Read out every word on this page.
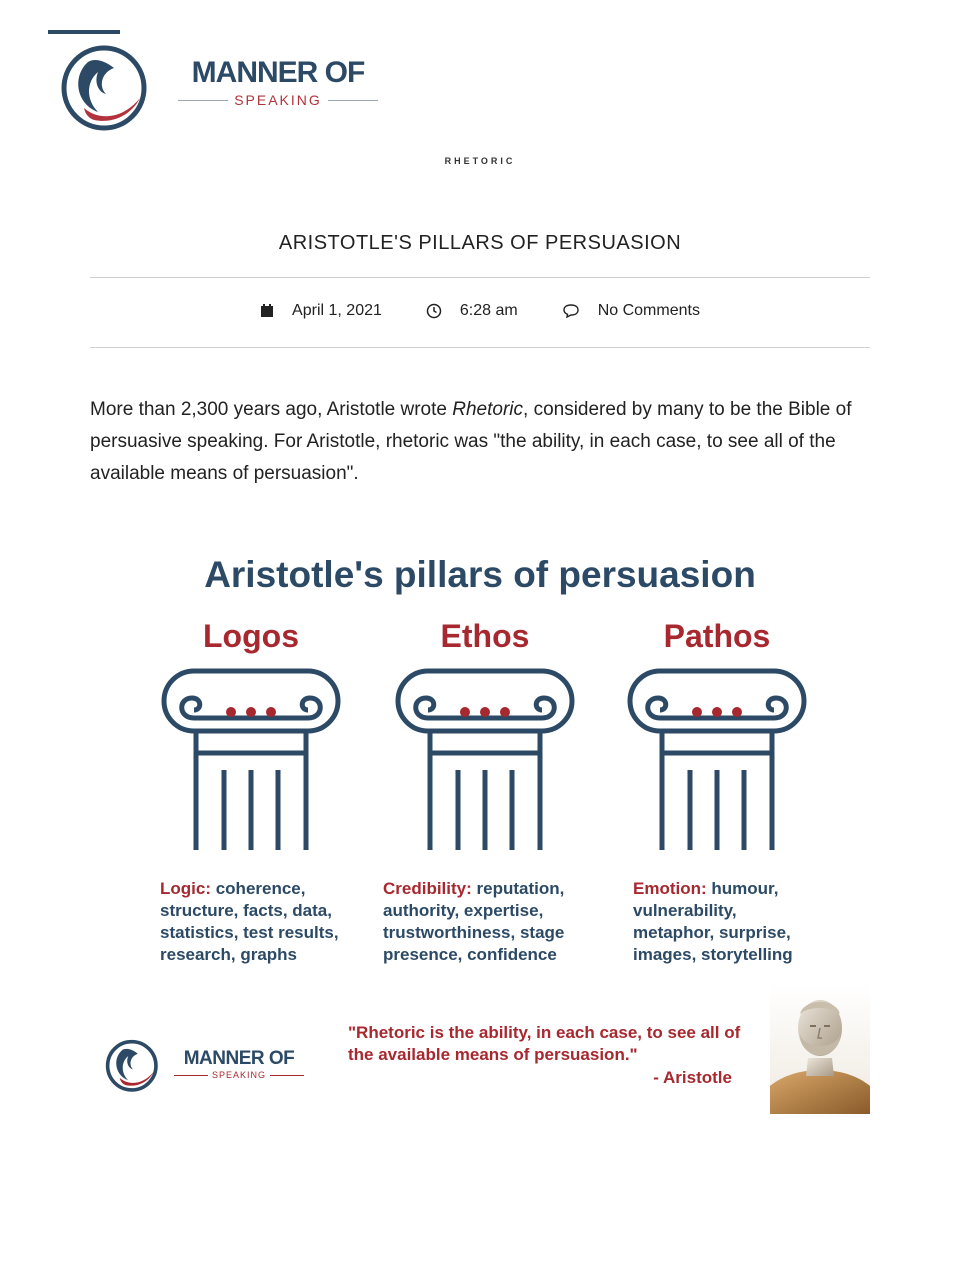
MANNER OF
SPEAKING
RHETORIC
ARISTOTLE'S PILLARS OF PERSUASION
April 1, 2021	6:28 am	No Comments

More than 2,300 years ago, Aristotle wrote Rhetoric, considered by many to be the Bible of persuasive speaking. For Aristotle, rhetoric was "the ability, in each case, to see all of the available means of persuasion".

Aristotle's pillars of persuasion
Logos	Ethos	Pathos
Logic: coherence, structure, facts, data, statistics, test results, research, graphs
Credibility: reputation, authority, expertise, trustworthiness, stage presence, confidence
Emotion: humour, vulnerability, metaphor, surprise, images, storytelling
MANNER OF
SPEAKING
"Rhetoric is the ability, in each case, to see all of the available means of persuasion."
- Aristotle
